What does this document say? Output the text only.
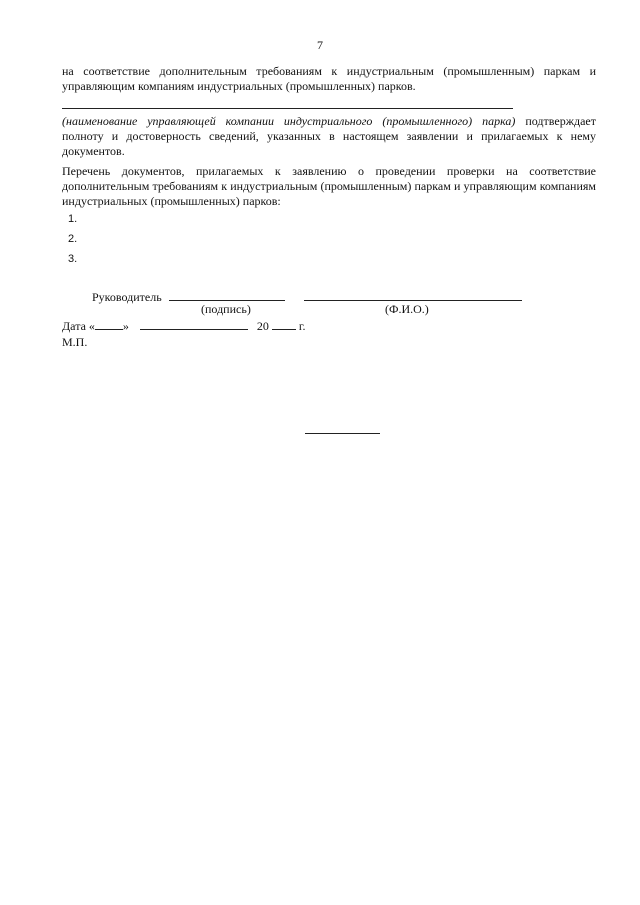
7

на соответствие дополнительным требованиям к индустриальным (промышленным) паркам и управляющим компаниям индустриальных (промышленных) парков.

(наименование управляющей компании индустриального (промышленного) парка) подтверждает полноту и достоверность сведений, указанных в настоящем заявлении и прилагаемых к нему документов.

Перечень документов, прилагаемых к заявлению о проведении проверки на соответствие дополнительным требованиям к индустриальным (промышленным) паркам и управляющим компаниям индустриальных (промышленных) парков:

1.
2.
3.
Руководитель
(подпись)	(Ф.И.О.)
Дата « »	20	г.
М.П.
